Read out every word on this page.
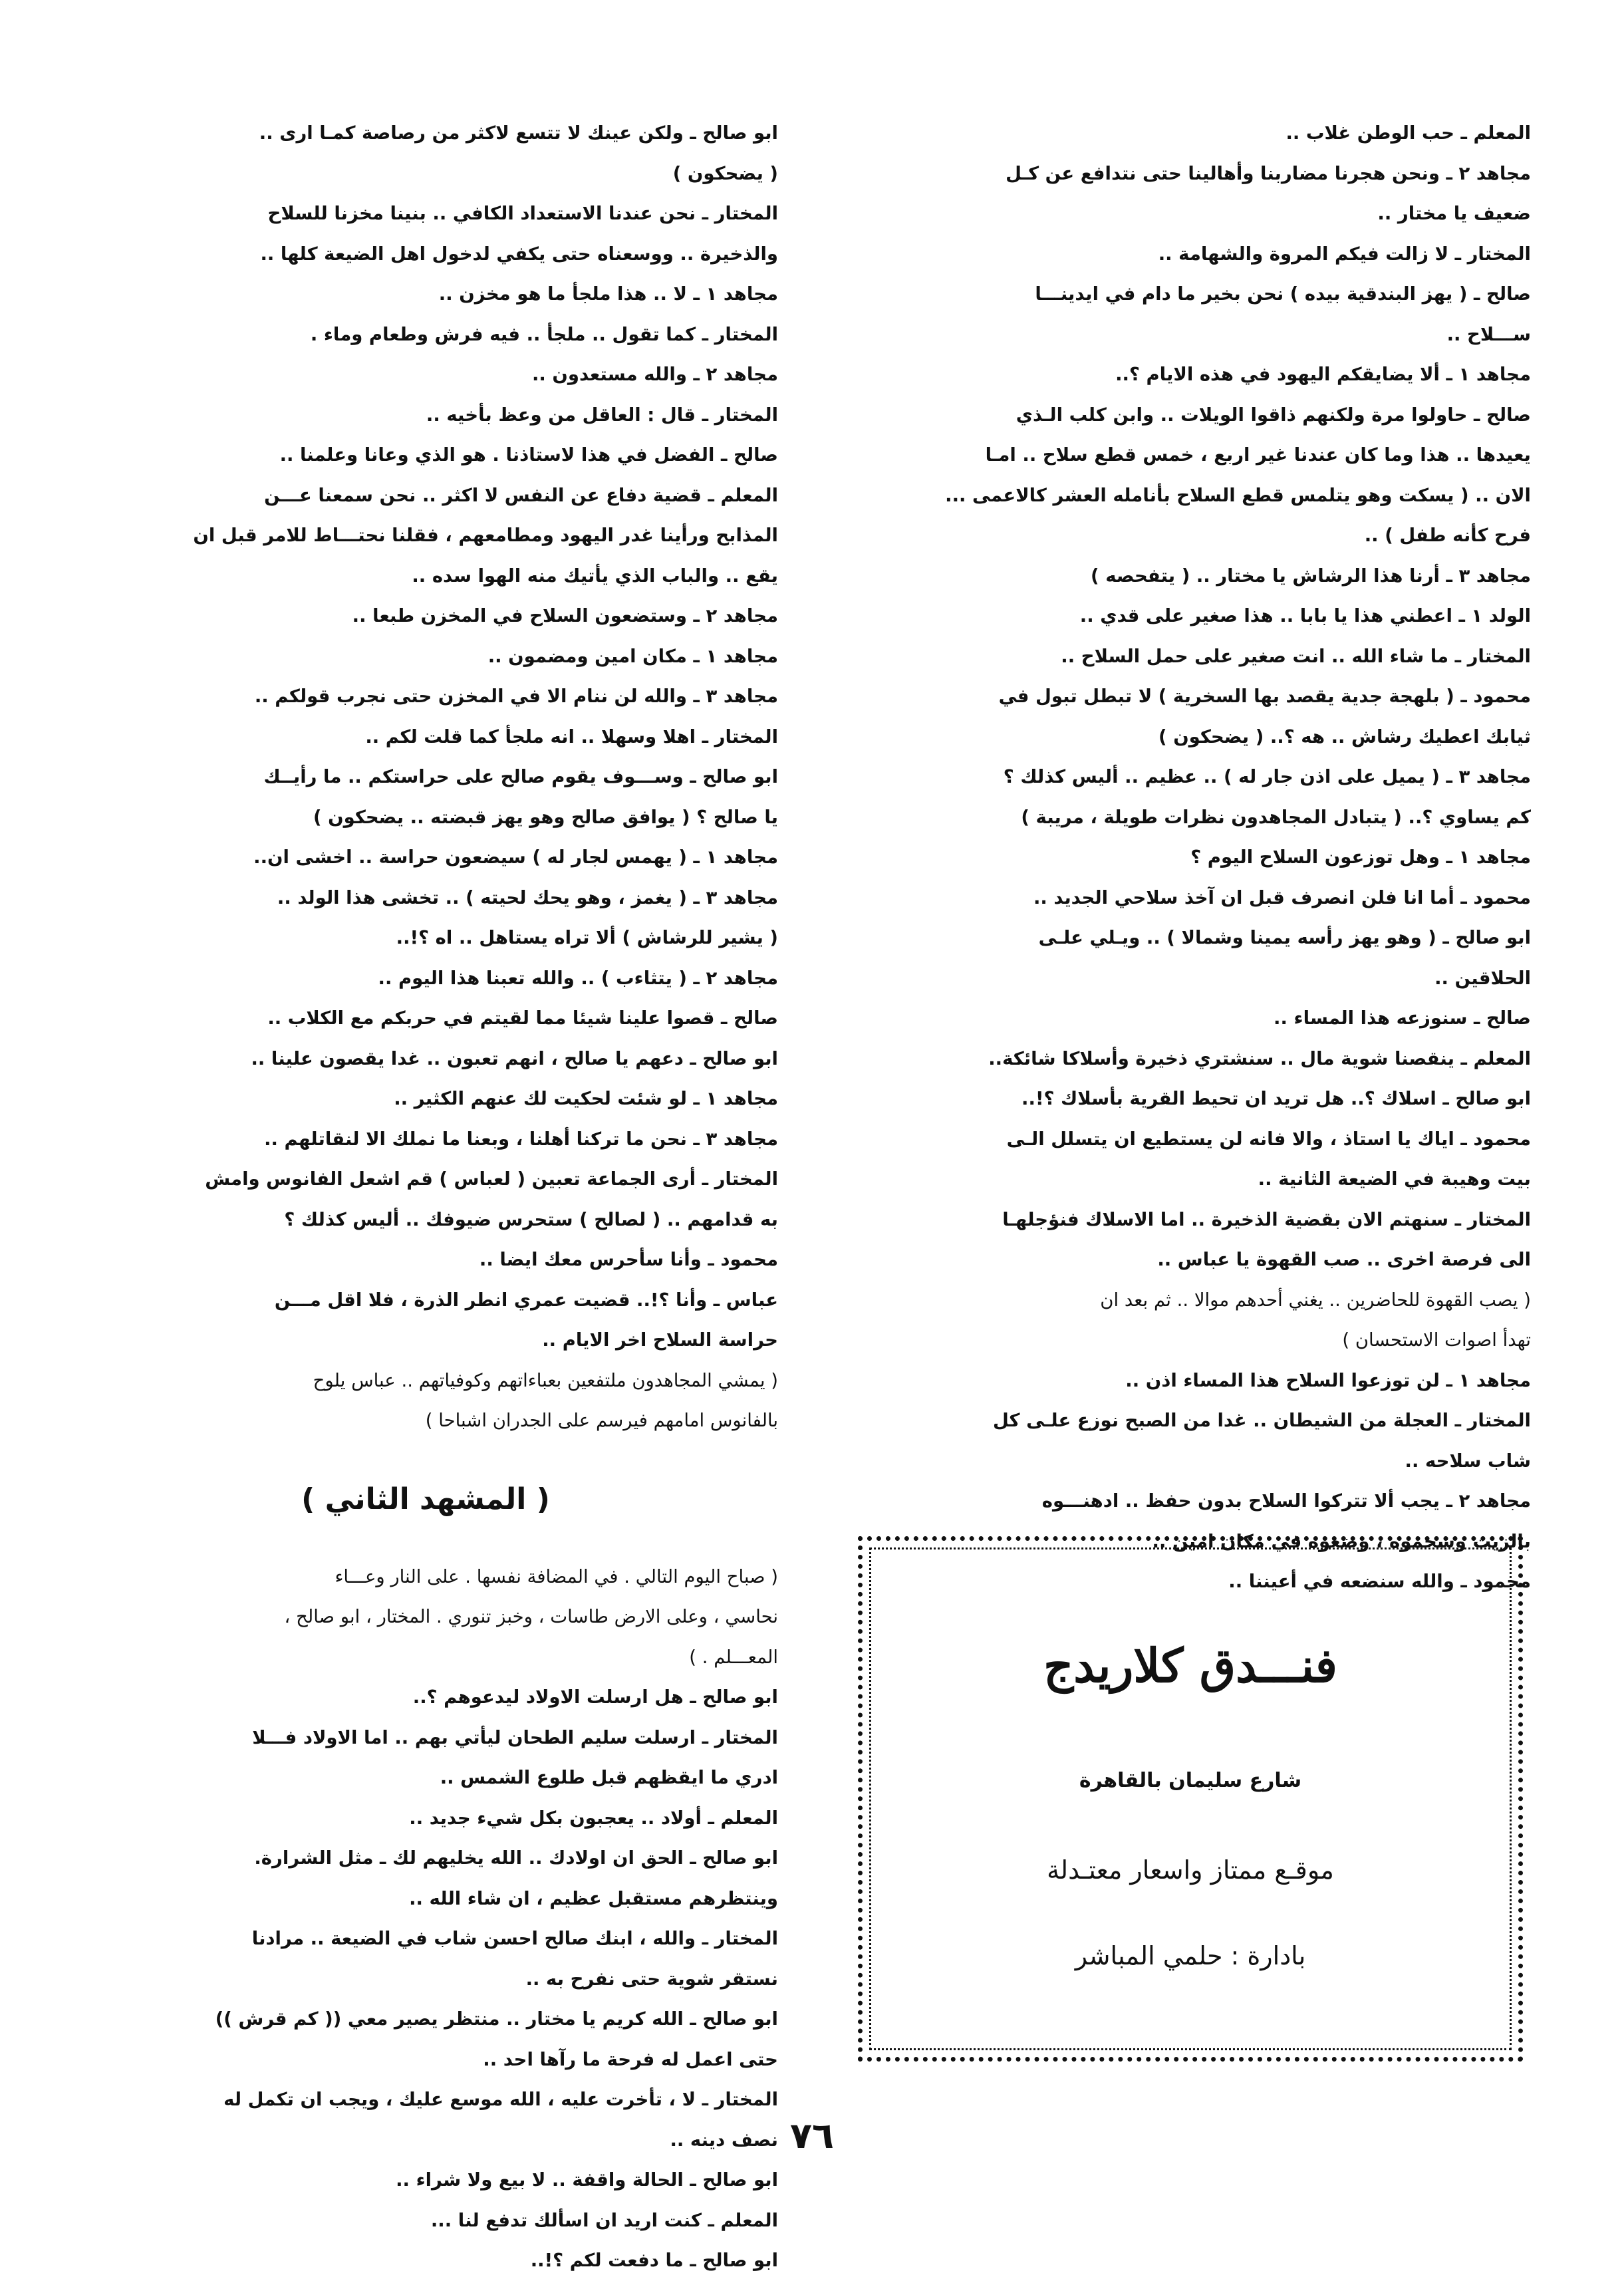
المعلم ـ حب الوطن غلاب ..
مجاهد ٢ ـ ونحن هجرنا مضاربنا وأهالينا حتى نتدافع عن كـل
ضعيف يا مختار ..
المختار ـ لا زالت فيكم المروة والشهامة ..
صالح ـ ( يهز البندقية بيده ) نحن بخير ما دام في ايدينـــا
ســـلاح ..
مجاهد ١ ـ ألا يضايقكم اليهود في هذه الايام ؟..
صالح ـ حاولوا مرة ولكنهم ذاقوا الويلات .. وابن كلب الـذي
يعيدها .. هذا وما كان عندنا غير اربع ، خمس قطع سلاح .. امـا
الان .. ( يسكت وهو يتلمس قطع السلاح بأنامله العشر كالاعمى ...
فرح كأنه طفل ) ..
مجاهد ٣ ـ أرنا هذا الرشاش يا مختار .. ( يتفحصه )
الولد ١ ـ اعطني هذا يا بابا .. هذا صغير على قدي ..
المختار ـ ما شاء الله .. انت صغير على حمل السلاح ..
محمود ـ ( بلهجة جدية يقصد بها السخرية ) لا تبطل تبول في
ثيابك اعطيك رشاش .. هه ؟.. ( يضحكون )
مجاهد ٣ ـ ( يميل على اذن جار له ) .. عظيم .. أليس كذلك ؟
كم يساوي ؟.. ( يتبادل المجاهدون نظرات طويلة ، مريبة )
مجاهد ١ ـ وهل توزعون السلاح اليوم ؟
محمود ـ أما انا فلن انصرف قبل ان آخذ سلاحي الجديد ..
ابو صالح ـ ( وهو يهز رأسه يمينا وشمالا ) .. ويـلي علـى
الحلاقين ..
صالح ـ سنوزعه هذا المساء ..
المعلم ـ ينقصنا شوية مال .. سنشتري ذخيرة وأسلاكا شائكة..
ابو صالح ـ اسلاك ؟.. هل تريد ان تحيط القرية بأسلاك ؟!..
محمود ـ اياك يا استاذ ، والا فانه لن يستطيع ان يتسلل الـى
بيت وهيبة في الضيعة الثانية ..
المختار ـ سنهتم الان بقضية الذخيرة .. اما الاسلاك فنؤجلهـا
الى فرصة اخرى .. صب القهوة يا عباس ..
( يصب القهوة للحاضرين .. يغني أحدهم موالا .. ثم بعد ان
تهدأ اصوات الاستحسان )
مجاهد ١ ـ لن توزعوا السلاح هذا المساء اذن ..
المختار ـ العجلة من الشيطان .. غدا من الصبح نوزع علـى كل
شاب سلاحه ..
مجاهد ٢ ـ يجب ألا تتركوا السلاح بدون حفظ .. ادهنـــوه
بالزيت وشحموه ، وضعوه في مكان امين ..
محمود ـ والله سنضعه في أعيننا ..
ابو صالح ـ ولكن عينك لا تتسع لاكثر من رصاصة كمـا ارى ..
( يضحكون )
المختار ـ نحن عندنا الاستعداد الكافي .. بنينا مخزنا للسلاح
والذخيرة .. ووسعناه حتى يكفي لدخول اهل الضيعة كلها ..
مجاهد ١ ـ لا .. هذا ملجأ ما هو مخزن ..
المختار ـ كما تقول .. ملجأ .. فيه فرش وطعام وماء .
مجاهد ٢ ـ والله مستعدون ..
المختار ـ قال : العاقل من وعظ بأخيه ..
صالح ـ الفضل في هذا لاستاذنا . هو الذي وعانا وعلمنا ..
المعلم ـ قضية دفاع عن النفس لا اكثر .. نحن سمعنا عـــن
المذابح ورأينا غدر اليهود ومطامعهم ، فقلنا نحتـــاط للامر قبل ان
يقع .. والباب الذي يأتيك منه الهوا سده ..
مجاهد ٢ ـ وستضعون السلاح في المخزن طبعا ..
مجاهد ١ ـ مكان امين ومضمون ..
مجاهد ٣ ـ والله لن ننام الا في المخزن حتى نجرب قولكم ..
المختار ـ اهلا وسهلا .. انه ملجأ كما قلت لكم ..
ابو صالح ـ وســـوف يقوم صالح على حراستكم .. ما رأيــك
يا صالح ؟ ( يوافق صالح وهو يهز قبضته .. يضحكون )
مجاهد ١ ـ ( يهمس لجار له ) سيضعون حراسة .. اخشى ان..
مجاهد ٣ ـ ( يغمز ، وهو يحك لحيته ) .. تخشى هذا الولد ..
( يشير للرشاش ) ألا تراه يستاهل .. اه ؟!..
مجاهد ٢ ـ ( يتثاءب ) .. والله تعبنا هذا اليوم ..
صالح ـ قصوا علينا شيئا مما لقيتم في حربكم مع الكلاب ..
ابو صالح ـ دعهم يا صالح ، انهم تعبون .. غدا يقصون علينا ..
مجاهد ١ ـ لو شئت لحكيت لك عنهم الكثير ..
مجاهد ٣ ـ نحن ما تركنا أهلنا ، وبعنا ما نملك الا لنقاتلهم ..
المختار ـ أرى الجماعة تعبين ( لعباس ) قم اشعل الفانوس وامش
به قدامهم .. ( لصالح ) ستحرس ضيوفك .. أليس كذلك ؟
محمود ـ وأنا سأحرس معك ايضا ..
عباس ـ وأنا ؟!.. قضيت عمري انطر الذرة ، فلا اقل مـــن
حراسة السلاح اخر الايام ..
( يمشي المجاهدون ملتفعين بعباءاتهم وكوفياتهم .. عباس يلوح
بالفانوس امامهم فيرسم على الجدران اشباحا )
( المشهد الثاني )
( صباح اليوم التالي . في المضافة نفسها . على النار وعـــاء
نحاسي ، وعلى الارض طاسات ، وخبز تنوري . المختار ، ابو صالح ،
المعـــلم . )
ابو صالح ـ هل ارسلت الاولاد ليدعوهم ؟..
المختار ـ ارسلت سليم الطحان ليأتي بهم .. اما الاولاد فـــلا
ادري ما ايقظهم قبل طلوع الشمس ..
المعلم ـ أولاد .. يعجبون بكل شيء جديد ..
ابو صالح ـ الحق ان اولادك .. الله يخليهم لك ـ مثل الشرارة.
وينتظرهم مستقبل عظيم ، ان شاء الله ..
المختار ـ والله ، ابنك صالح احسن شاب في الضيعة .. مرادنا
نستقر شوية حتى نفرح به ..
ابو صالح ـ الله كريم يا مختار .. منتظر يصير معي (( كم قرش ))
حتى اعمل له فرحة ما رآها احد ..
المختار ـ لا ، تأخرت عليه ، الله موسع عليك ، ويجب ان تكمل له
نصف دينه ..
ابو صالح ـ الحالة واقفة .. لا بيع ولا شراء ..
المعلم ـ كنت اريد ان اسألك تدفع لنا ...
ابو صالح ـ ما دفعت لكم ؟!..
فنـــدق كلاريدج
شارع سليمان بالقاهرة
موقـع ممتاز واسعار معتـدلة
بادارة : حلمي المباشر
٧٦
